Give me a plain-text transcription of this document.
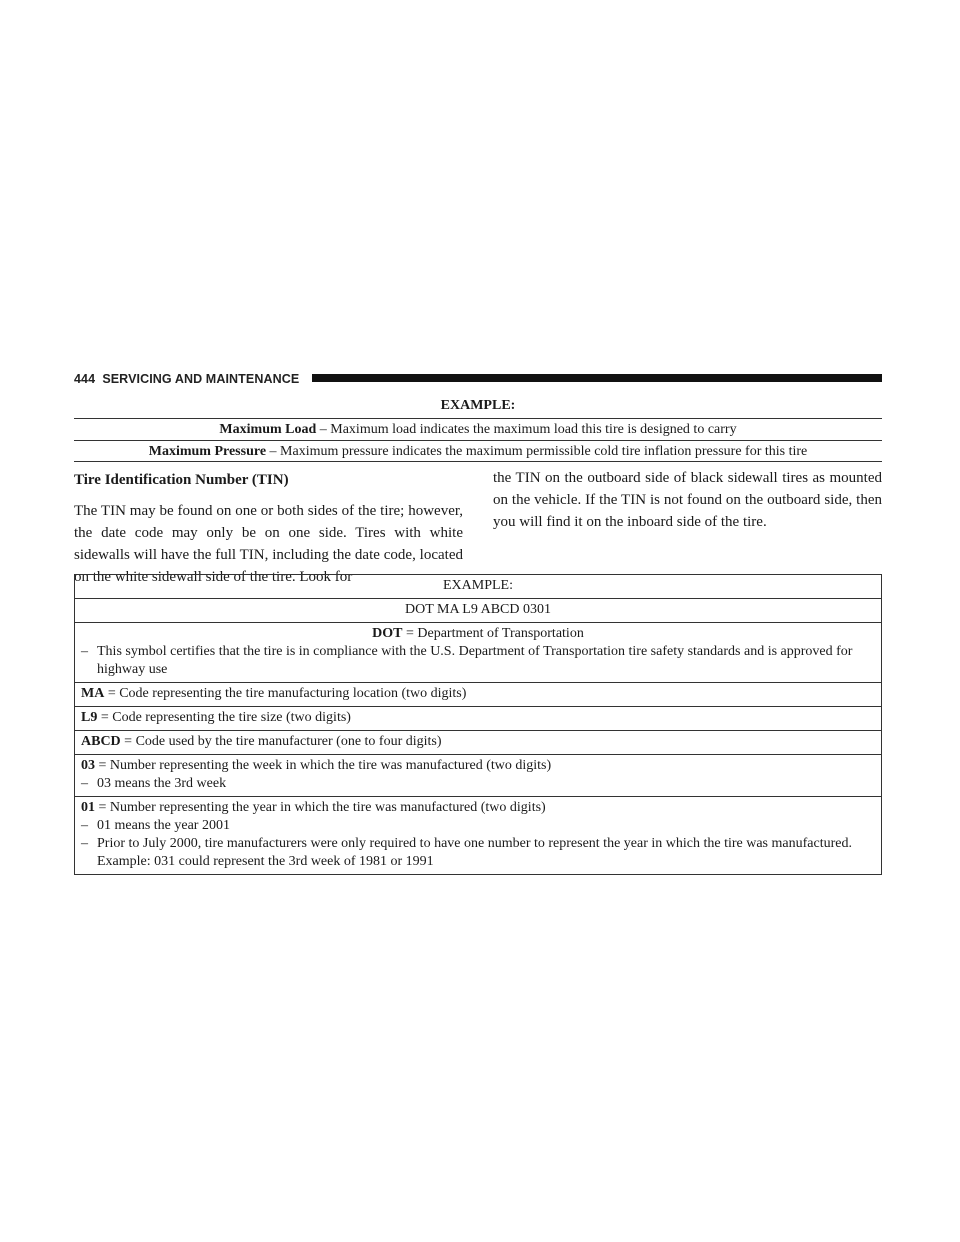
444 SERVICING AND MAINTENANCE
EXAMPLE:
Maximum Load – Maximum load indicates the maximum load this tire is designed to carry
Maximum Pressure – Maximum pressure indicates the maximum permissible cold tire inflation pressure for this tire
Tire Identification Number (TIN)
The TIN may be found on one or both sides of the tire; however, the date code may only be on one side. Tires with white sidewalls will have the full TIN, including the date code, located on the white sidewall side of the tire. Look for
the TIN on the outboard side of black sidewall tires as mounted on the vehicle. If the TIN is not found on the outboard side, then you will find it on the inboard side of the tire.
EXAMPLE:
DOT MA L9 ABCD 0301
DOT = Department of Transportation
– This symbol certifies that the tire is in compliance with the U.S. Department of Transportation tire safety standards and is approved for highway use
MA = Code representing the tire manufacturing location (two digits)
L9 = Code representing the tire size (two digits)
ABCD = Code used by the tire manufacturer (one to four digits)
03 = Number representing the week in which the tire was manufactured (two digits)
– 03 means the 3rd week
01 = Number representing the year in which the tire was manufactured (two digits)
– 01 means the year 2001
– Prior to July 2000, tire manufacturers were only required to have one number to represent the year in which the tire was manufactured. Example: 031 could represent the 3rd week of 1981 or 1991
